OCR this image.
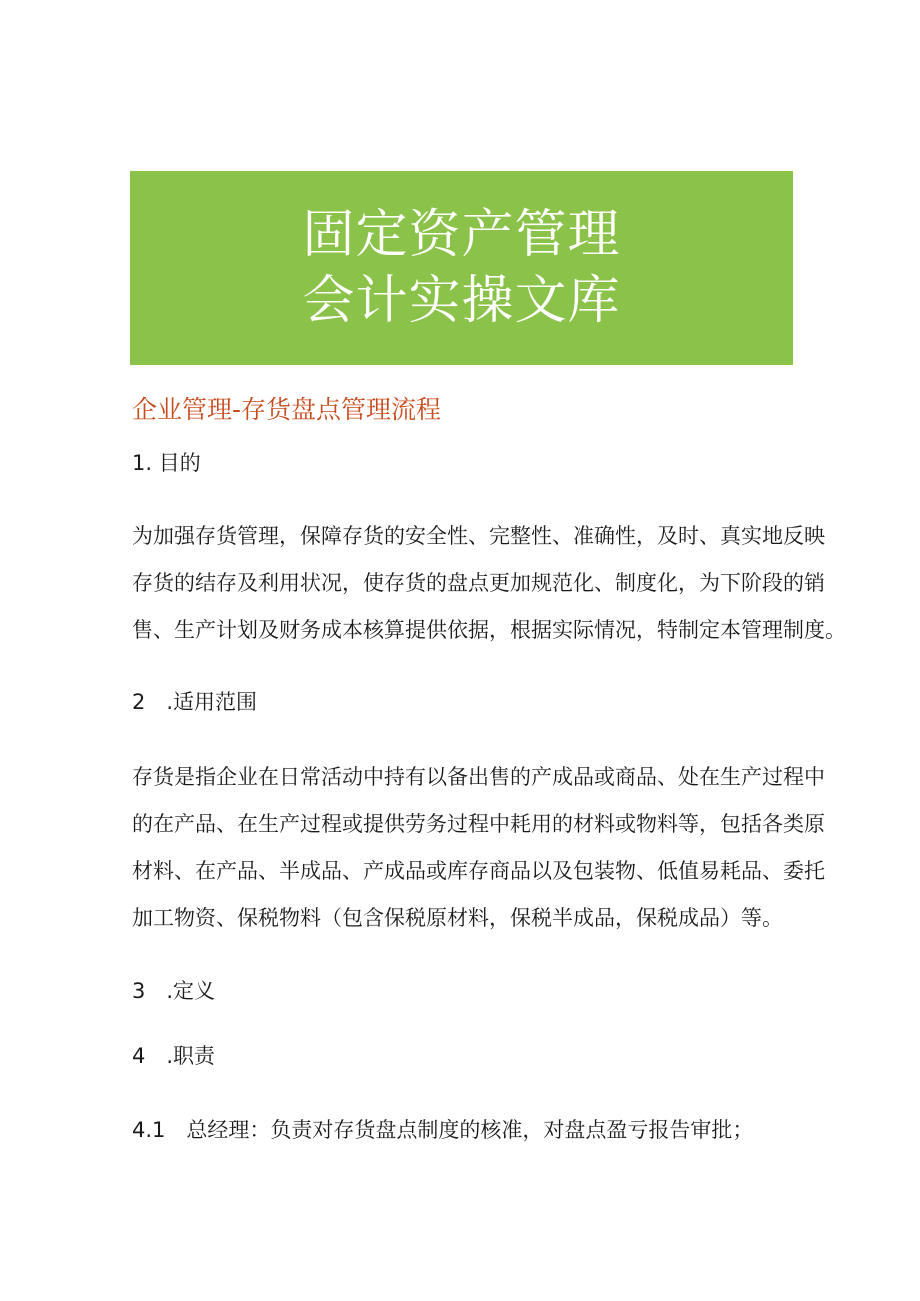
固定资产管理
会计实操文库
企业管理-存货盘点管理流程
1. 目的

为加强存货管理，保障存货的安全性、完整性、准确性，及时、真实地反映
存货的结存及利用状况，使存货的盘点更加规范化、制度化，为下阶段的销
售、生产计划及财务成本核算提供依据，根据实际情况，特制定本管理制度。

2　.适用范围

存货是指企业在日常活动中持有以备出售的产成品或商品、处在生产过程中
的在产品、在生产过程或提供劳务过程中耗用的材料或物料等，包括各类原
材料、在产品、半成品、产成品或库存商品以及包装物、低值易耗品、委托
加工物资、保税物料（包含保税原材料，保税半成品，保税成品）等。

3　.定义
4　.职责
4.1　总经理：负责对存货盘点制度的核准，对盘点盈亏报告审批；
